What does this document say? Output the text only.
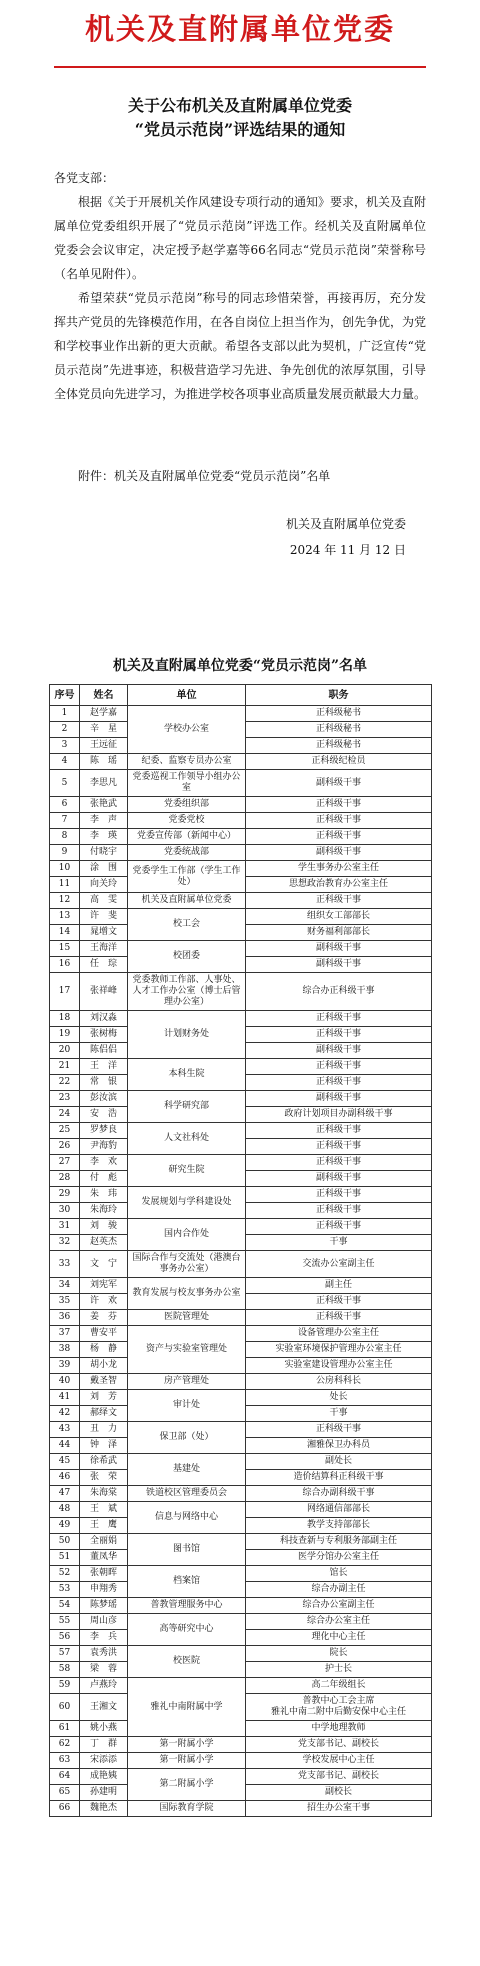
机关及直附属单位党委
关于公布机关及直附属单位党委
“党员示范岗”评选结果的通知
各党支部：
根据《关于开展机关作风建设专项行动的通知》要求，机关及直附属单位党委组织开展了“党员示范岗”评选工作。经机关及直附属单位党委会会议审定，决定授予赵学嘉等66名同志“党员示范岗”荣誉称号（名单见附件）。
希望荣获“党员示范岗”称号的同志珍惜荣誉，再接再厉，充分发挥共产党员的先锋模范作用，在各自岗位上担当作为，创先争优，为党和学校事业作出新的更大贡献。希望各支部以此为契机，广泛宣传“党员示范岗”先进事迹，积极营造学习先进、争先创优的浓厚氛围，引导全体党员向先进学习，为推进学校各项事业高质量发展贡献最大力量。
附件：机关及直附属单位党委“党员示范岗”名单
机关及直附属单位党委
2024 年 11 月 12 日
机关及直附属单位党委“党员示范岗”名单
序号	姓名	单位	职务
1	赵学嘉	学校办公室	正科级秘书
2	辛　星		正科级秘书
3	王远征		正科级秘书
4	陈　瑶	纪委、监察专员办公室	正科级纪检员
5	李思凡	党委巡视工作领导小组办公室	副科级干事
6	张艳武	党委组织部	正科级干事
7	李　声	党委党校	正科级干事
8	李　瑛	党委宣传部（新闻中心）	正科级干事
9	付晓宇	党委统战部	副科级干事
10	涂　围	党委学生工作部（学生工作处）	学生事务办公室主任
11	向关玲		思想政治教育办公室主任
12	高　雯	机关及直附属单位党委	正科级干事
13	许　斐	校工会	组织女工部部长
14	晁增文		财务福利部部长
15	王海洋	校团委	副科级干事
16	任　琮		副科级干事
17	张祥峰	党委教师工作部、人事处、人才工作办公室（博士后管理办公室）	综合办正科级干事
18	刘汉淼	计划财务处	正科级干事
19	张树梅		正科级干事
20	陈侣侣		副科级干事
21	王　洋	本科生院	正科级干事
22	常　银		正科级干事
23	彭汝滨	科学研究部	副科级干事
24	安　浩		政府计划项目办副科级干事
25	罗梦良	人文社科处	正科级干事
26	尹海豹		正科级干事
27	李　欢	研究生院	正科级干事
28	付　彪		副科级干事
29	朱　玮	发展规划与学科建设处	正科级干事
30	朱海玲		正科级干事
31	刘　骏	国内合作处	正科级干事
32	赵英杰		干事
33	文　宁	国际合作与交流处（港澳台事务办公室）	交流办公室副主任
34	刘宪军	教育发展与校友事务办公室	副主任
35	许　欢		正科级干事
36	姜　芬	医院管理处	正科级干事
37	曹安平	资产与实验室管理处	设备管理办公室主任
38	杨　静		实验室环境保护管理办公室主任
39	胡小龙		实验室建设管理办公室主任
40	戴圣智	房产管理处	公房科科长
41	刘　芳	审计处	处长
42	郝绎文		干事
43	丑　力	保卫部（处）	正科级干事
44	钟　泽		湘雅保卫办科员
45	徐希武	基建处	副处长
46	张　荣		造价结算科正科级干事
47	朱海棠	铁道校区管理委员会	综合办副科级干事
48	王　斌	信息与网络中心	网络通信部部长
49	王　鹰		教学支持部部长
50	全丽娟	图书馆	科技查新与专利服务部副主任
51	董凤华		医学分馆办公室主任
52	张朝晖	档案馆	馆长
53	申翔秀		综合办副主任
54	陈梦瑶	普教管理服务中心	综合办公室副主任
55	周山彦	高等研究中心	综合办公室主任
56	李　兵		理化中心主任
57	袁秀洪	校医院	院长
58	梁　蓉		护士长
59	卢燕玲	雅礼中南附属中学	高二年级组长
60	王湘文		普教中心工会主席
雅礼中南二附中后勤安保中心主任
61	姚小燕		中学地理教师
62	丁　群	第一附属小学	党支部书记、副校长
63	宋添添	第一附属小学	学校发展中心主任
64	成艳姨	第二附属小学	党支部书记、副校长
65	孙建明		副校长
66	魏艳杰	国际教育学院	招生办公室干事
